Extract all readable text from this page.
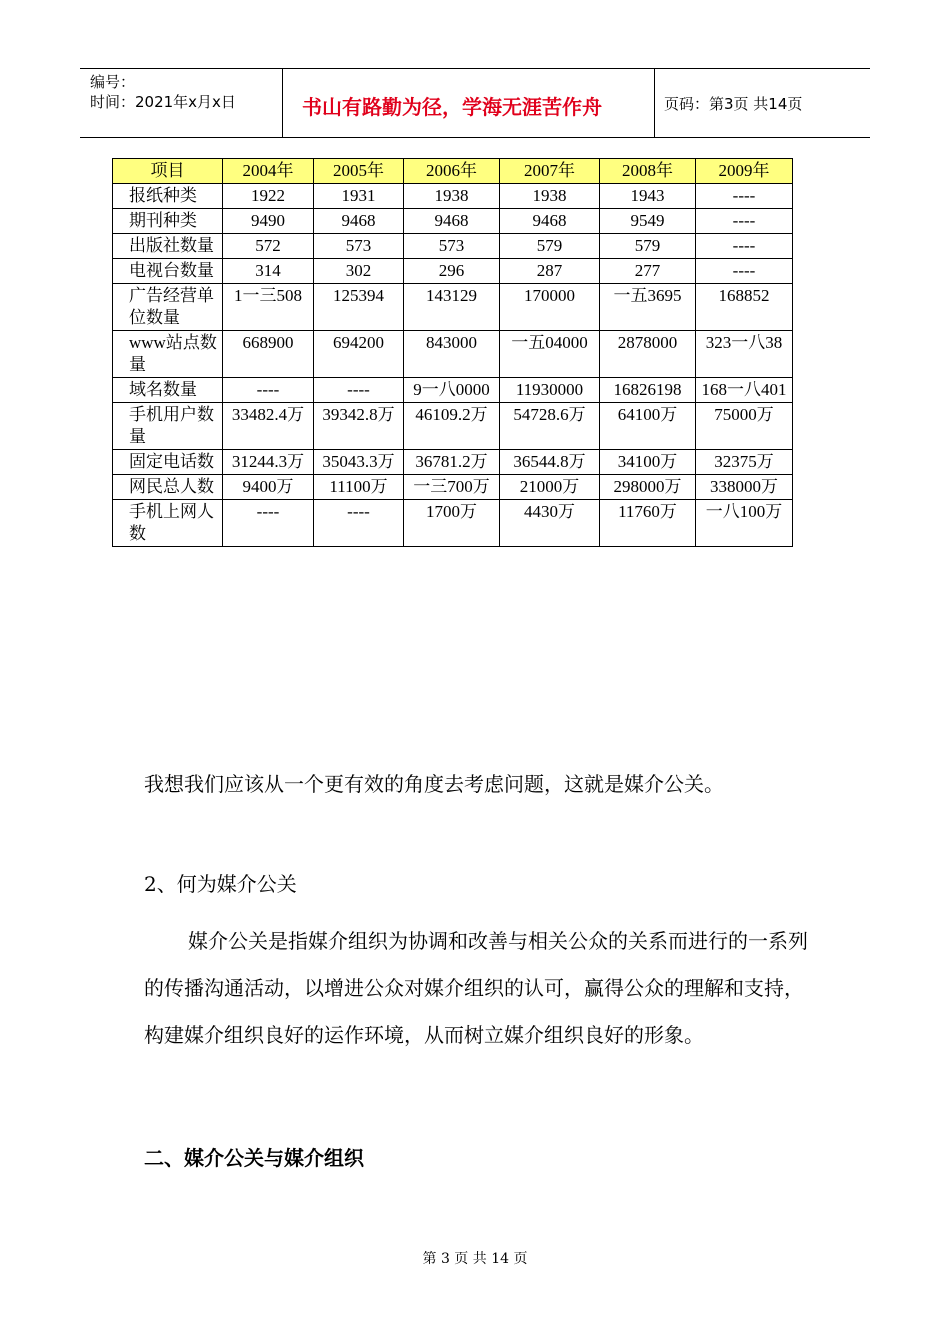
编号：
时间：2021年x月x日	书山有路勤为径，学海无涯苦作舟	页码：第3页 共14页
项目	2004年	2005年	2006年	2007年	2008年	2009年
报纸种类	1922	1931	1938	1938	1943	----
期刊种类	9490	9468	9468	9468	9549	----
出版社数量	572	573	573	579	579	----
电视台数量	314	302	296	287	277	----
广告经营单位数量	1一三508	125394	143129	170000	一五3695	168852
www站点数量	668900	694200	843000	一五04000	2878000	323一八38
域名数量	----	----	9一八0000	11930000	16826198	168一八401
手机用户数量	33482.4万	39342.8万	46109.2万	54728.6万	64100万	75000万
固定电话数	31244.3万	35043.3万	36781.2万	36544.8万	34100万	32375万
网民总人数	9400万	11100万	一三700万	21000万	298000万	338000万
手机上网人数	----	----	1700万	4430万	11760万	一八100万
我想我们应该从一个更有效的角度去考虑问题，这就是媒介公关。
2、何为媒介公关
媒介公关是指媒介组织为协调和改善与相关公众的关系而进行的一系列的传播沟通活动，以增进公众对媒介组织的认可，赢得公众的理解和支持，构建媒介组织良好的运作环境，从而树立媒介组织良好的形象。
二、媒介公关与媒介组织
第 3 页 共 14 页
